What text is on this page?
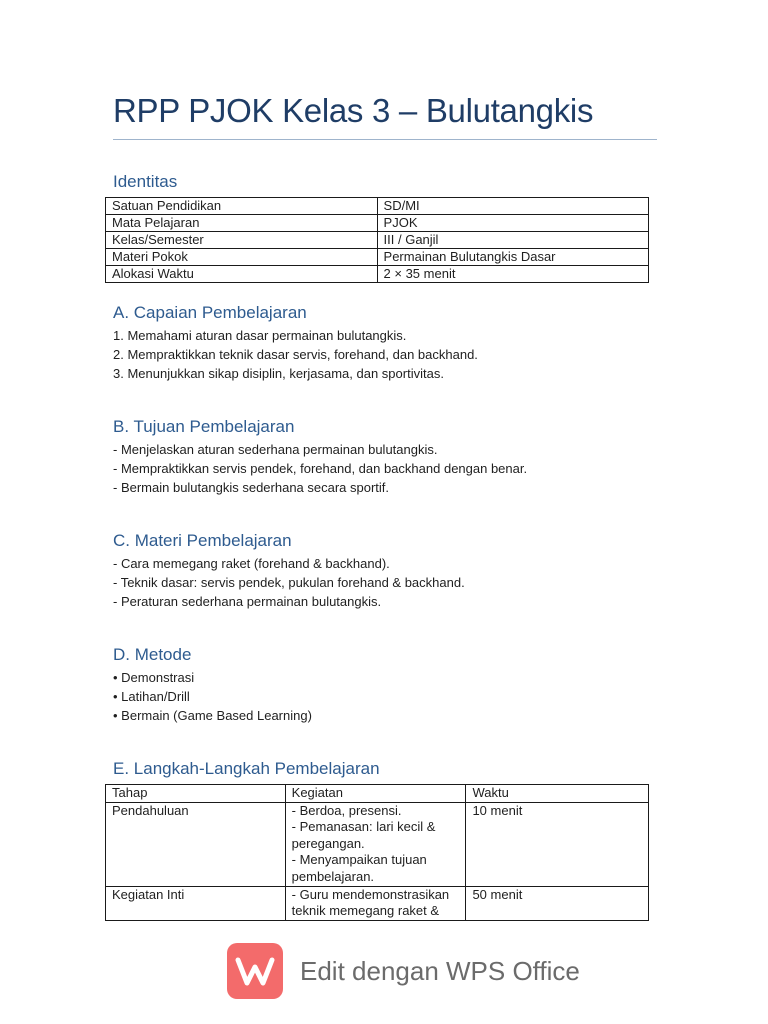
RPP PJOK Kelas 3 – Bulutangkis
Identitas
Satuan Pendidikan	SD/MI
Mata Pelajaran	PJOK
Kelas/Semester	III / Ganjil
Materi Pokok	Permainan Bulutangkis Dasar
Alokasi Waktu	2 × 35 menit
A. Capaian Pembelajaran
1. Memahami aturan dasar permainan bulutangkis.
2. Mempraktikkan teknik dasar servis, forehand, dan backhand.
3. Menunjukkan sikap disiplin, kerjasama, dan sportivitas.
B. Tujuan Pembelajaran
- Menjelaskan aturan sederhana permainan bulutangkis.
- Mempraktikkan servis pendek, forehand, dan backhand dengan benar.
- Bermain bulutangkis sederhana secara sportif.
C. Materi Pembelajaran
- Cara memegang raket (forehand & backhand).
- Teknik dasar: servis pendek, pukulan forehand & backhand.
- Peraturan sederhana permainan bulutangkis.
D. Metode
• Demonstrasi
• Latihan/Drill
• Bermain (Game Based Learning)
E. Langkah-Langkah Pembelajaran
Tahap	Kegiatan	Waktu
Pendahuluan	- Berdoa, presensi.
- Pemanasan: lari kecil &
peregangan.
- Menyampaikan tujuan
pembelajaran.	10 menit
Kegiatan Inti	- Guru mendemonstrasikan
teknik memegang raket &	50 menit
Edit dengan WPS Office
